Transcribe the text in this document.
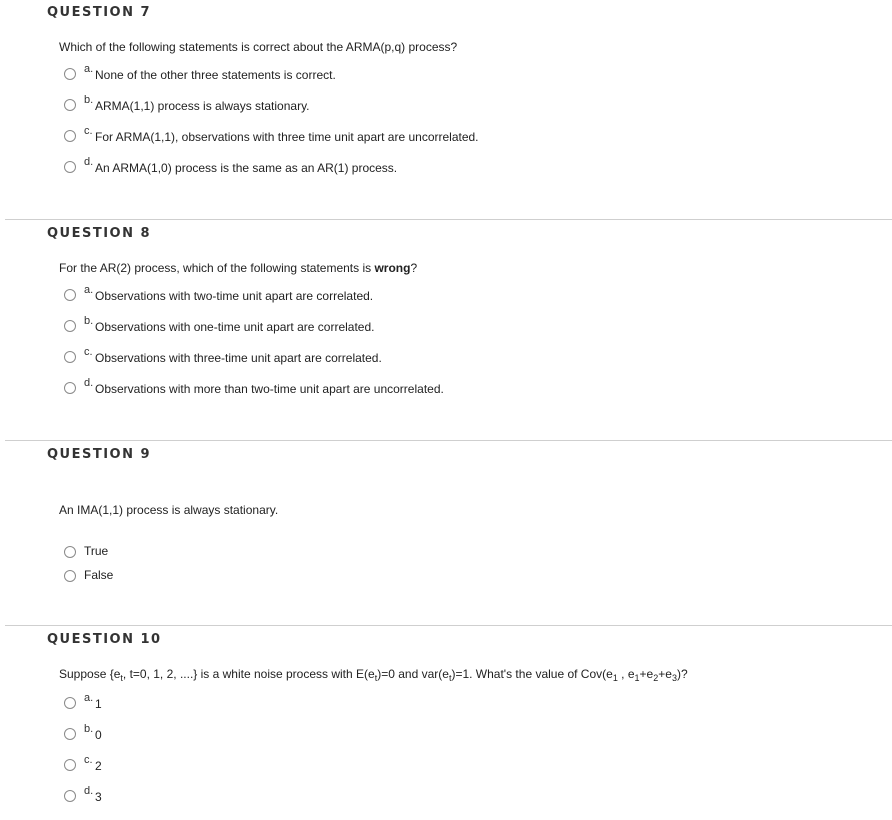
QUESTION 7
Which of the following statements is correct about the ARMA(p,q) process?
a. None of the other three statements is correct.
b. ARMA(1,1) process is always stationary.
c. For ARMA(1,1), observations with three time unit apart are uncorrelated.
d. An ARMA(1,0) process is the same as an AR(1) process.
QUESTION 8
For the AR(2) process, which of the following statements is wrong?
a. Observations with two-time unit apart are correlated.
b. Observations with one-time unit apart are correlated.
c. Observations with three-time unit apart are correlated.
d. Observations with more than two-time unit apart are uncorrelated.
QUESTION 9
An IMA(1,1) process is always stationary.
True
False
QUESTION 10
Suppose {$e_t$, t=0, 1, 2, ....} is a white noise process with $E(e_t)=0$ and $var(e_t)=1$. What's the value of $Cov(e_1$ , $e_1+e_2+e_3$)?
a. 1
b. 0
c. 2
d. 3
